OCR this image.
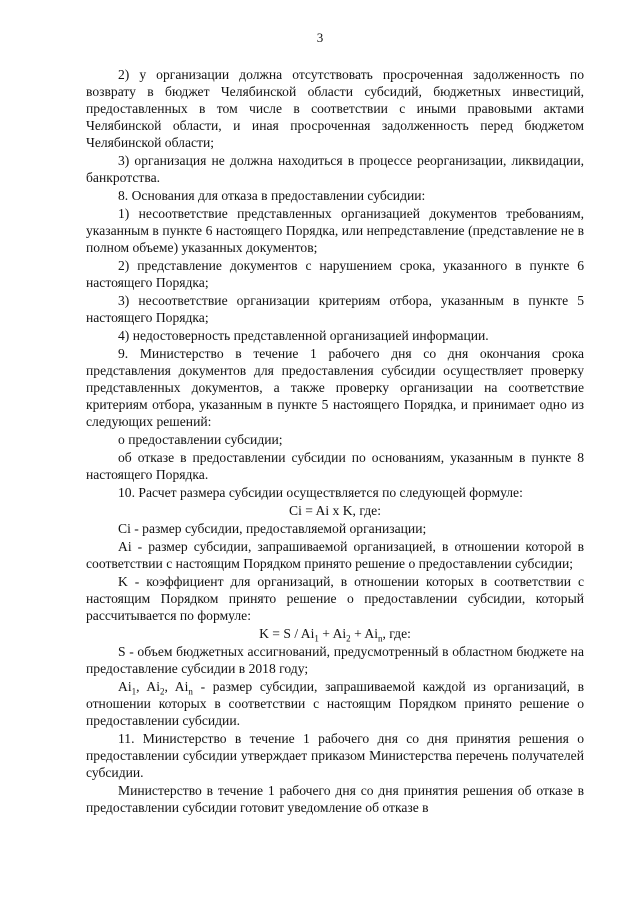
3

2) у организации должна отсутствовать просроченная задолженность по возврату в бюджет Челябинской области субсидий, бюджетных инвестиций, предоставленных в том числе в соответствии с иными правовыми актами Челябинской области, и иная просроченная задолженность перед бюджетом Челябинской области;

3) организация не должна находиться в процессе реорганизации, ликвидации, банкротства.

8. Основания для отказа в предоставлении субсидии:

1) несоответствие представленных организацией документов требованиям, указанным в пункте 6 настоящего Порядка, или непредставление (представление не в полном объеме) указанных документов;

2) представление документов с нарушением срока, указанного в пункте 6 настоящего Порядка;

3) несоответствие организации критериям отбора, указанным в пункте 5 настоящего Порядка;

4) недостоверность представленной организацией информации.

9. Министерство в течение 1 рабочего дня со дня окончания срока представления документов для предоставления субсидии осуществляет проверку представленных документов, а также проверку организации на соответствие критериям отбора, указанным в пункте 5 настоящего Порядка, и принимает одно из следующих решений:

о предоставлении субсидии;

об отказе в предоставлении субсидии по основаниям, указанным в пункте 8 настоящего Порядка.

10. Расчет размера субсидии осуществляется по следующей формуле:

Ci = Ai x K, где:

Ci - размер субсидии, предоставляемой организации;

Ai - размер субсидии, запрашиваемой организацией, в отношении которой в соответствии с настоящим Порядком принято решение о предоставлении субсидии;

K - коэффициент для организаций, в отношении которых в соответствии с настоящим Порядком принято решение о предоставлении субсидии, который рассчитывается по формуле:

$K = S / Ai_1 + Ai_2 + Ai_n$, где:

S - объем бюджетных ассигнований, предусмотренный в областном бюджете на предоставление субсидии в 2018 году;

$Ai_1$, $Ai_2$, $Ai_n$ - размер субсидии, запрашиваемой каждой из организаций, в отношении которых в соответствии с настоящим Порядком принято решение о предоставлении субсидии.

11. Министерство в течение 1 рабочего дня со дня принятия решения о предоставлении субсидии утверждает приказом Министерства перечень получателей субсидии.

Министерство в течение 1 рабочего дня со дня принятия решения об отказе в предоставлении субсидии готовит уведомление об отказе в
